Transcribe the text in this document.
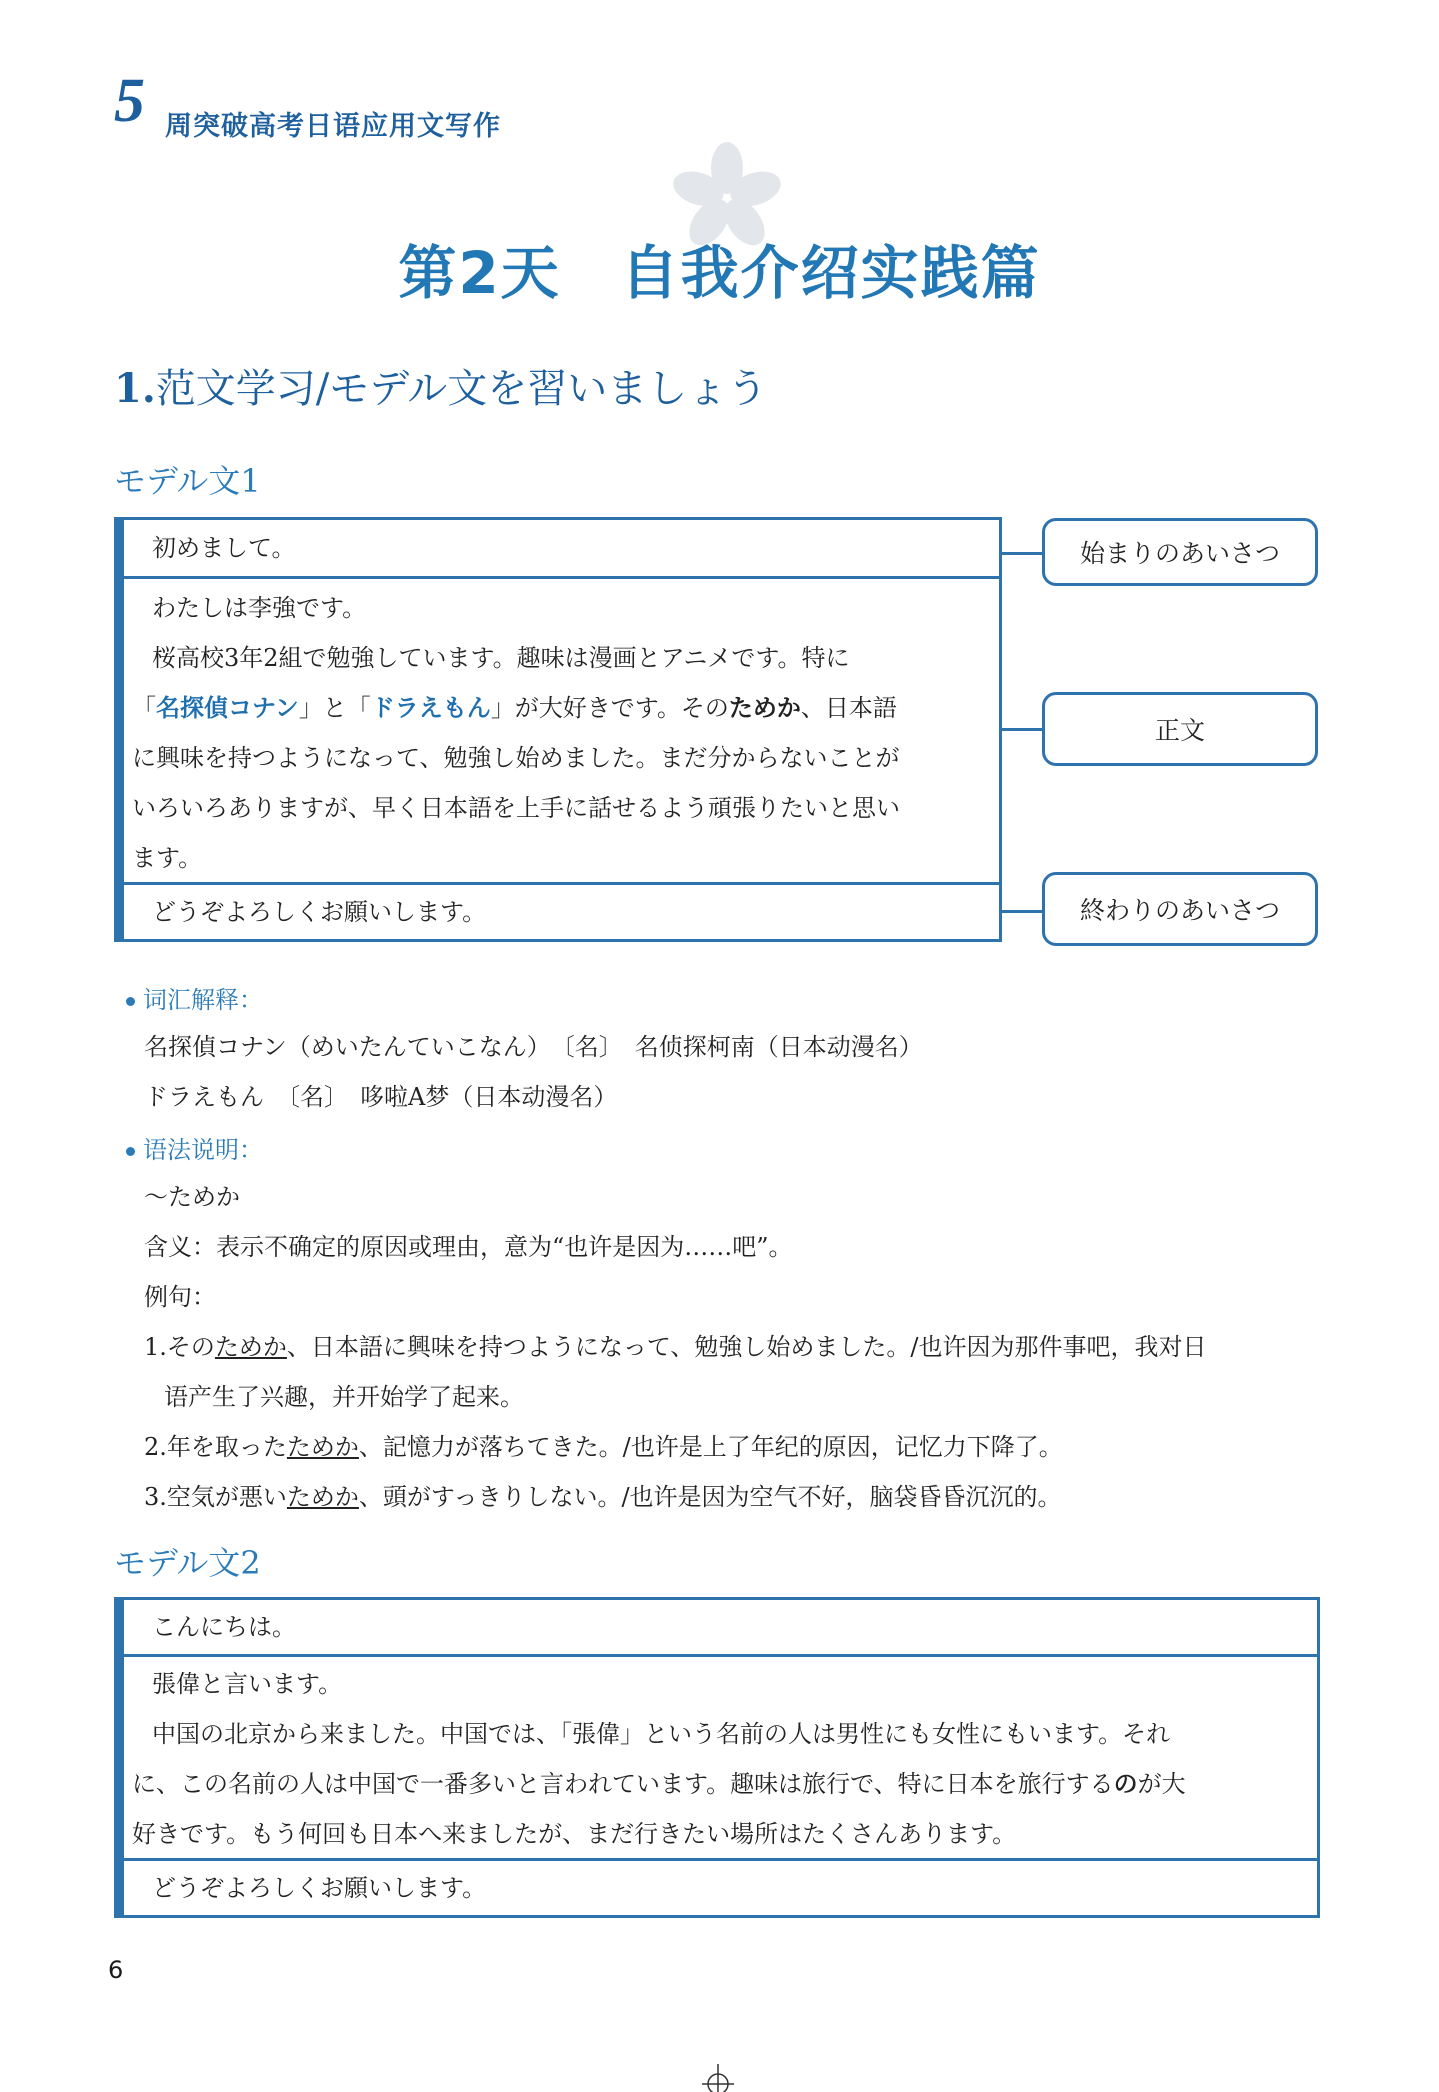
5 周突破高考日语应用文写作
第2天 自我介绍实践篇
1.范文学习/モデル文を習いましょう
モデル文1
初めまして。
わたしは李強です。
桜高校3年2組で勉強しています。趣味は漫画とアニメです。特に
「名探偵コナン」と「ドラえもん」が大好きです。そのためか、日本語
に興味を持つようになって、勉強し始めました。まだ分からないことが
いろいろありますが、早く日本語を上手に話せるよう頑張りたいと思い
ます。
どうぞよろしくお願いします。
始まりのあいさつ
正文
終わりのあいさつ
词汇解释：
名探偵コナン（めいたんていこなん）　〔名〕　名侦探柯南（日本动漫名）
ドラえもん　〔名〕　哆啦A梦（日本动漫名）
语法说明：
～ためか
含义：表示不确定的原因或理由，意为“也许是因为……吧”。
例句：
1.そのためか、日本語に興味を持つようになって、勉強し始めました。/也许因为那件事吧，我对日
语产生了兴趣，并开始学了起来。
2.年を取ったためか、記憶力が落ちてきた。/也许是上了年纪的原因，记忆力下降了。
3.空気が悪いためか、頭がすっきりしない。/也许是因为空气不好，脑袋昏昏沉沉的。
モデル文2
こんにちは。
張偉と言います。
中国の北京から来ました。中国では、「張偉」という名前の人は男性にも女性にもいます。それ
に、この名前の人は中国で一番多いと言われています。趣味は旅行で、特に日本を旅行するのが大
好きです。もう何回も日本へ来ましたが、まだ行きたい場所はたくさんあります。
どうぞよろしくお願いします。
6
